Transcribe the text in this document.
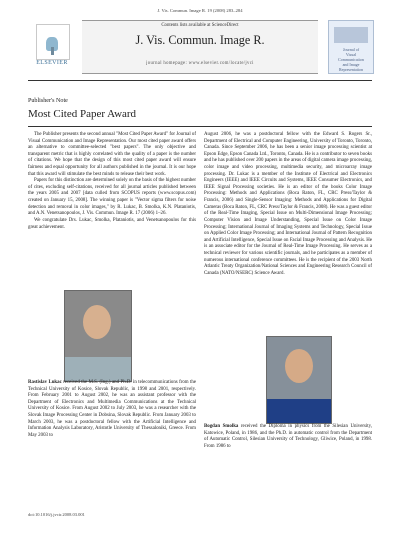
J. Vis. Commun. Image R. 19 (2008) 283–284
ELSEVIER
Contents lists available at ScienceDirect
J. Vis. Commun. Image R.
journal homepage: www.elsevier.com/locate/jvci
Journal of
Visual
Communication
and Image
Representation
Publisher's Note
Most Cited Paper Award

The Publisher presents the second annual "Most Cited Paper Award" for Journal of Visual Communication and Image Representation. Our most cited paper award offers an alternative to committee-selected "best papers". The only objective and transparent metric that is highly correlated with the quality of a paper is the number of citations. We hope that the design of this most cited paper award will ensure fairness and equal opportunity for all authors published in the journal. It is our hope that this award will stimulate the best minds to release their best work.

Papers for this distinction are determined solely on the basis of the highest number of cites, excluding self-citations, received for all journal articles published between the years 2005 and 2007 [data culled from SCOPUS reports (www.scopus.com) created on January 15, 2008]. The winning paper is "Vector sigma filters for noise detection and removal in color images," by R. Lukac, B. Smolka, K.N. Plataniotis, and A.N. Venetsanopoulos, J. Vis. Commun. Image R. 17 (2006) 1–26.

We congratulate Drs. Lukac, Smolka, Plataniotis, and Venetsanopoulos for this great achievement.

Rastislav Lukac received the M.S. (Ing.) and Ph.D. in telecommunications from the Technical University of Kosice, Slovak Republic, in 1998 and 2001, respectively. From February 2001 to August 2002, he was an assistant professor with the Department of Electronics and Multimedia Communications at the Technical University of Kosice. From August 2002 to July 2003, he was a researcher with the Slovak Image Processing Center in Dobsina, Slovak Republic. From January 2003 to March 2003, he was a postdoctoral fellow with the Artificial Intelligence and Information Analysis Laboratory, Aristotle University of Thessaloniki, Greece. From May 2003 to

August 2006, he was a postdoctoral fellow with the Edward S. Rogers Sr., Department of Electrical and Computer Engineering, University of Toronto, Toronto, Canada. Since September 2006, he has been a senior image processing scientist at Epson Edge, Epson Canada Ltd., Toronto, Canada. He is a contributor to seven books and he has published over 200 papers in the areas of digital camera image processing, color image and video processing, multimedia security, and microarray image processing. Dr. Lukac is a member of the Institute of Electrical and Electronics Engineers (IEEE) and IEEE Circuits and Systems, IEEE Consumer Electronics, and IEEE Signal Processing societies. He is an editor of the books Color Image Processing: Methods and Applications (Boca Raton, FL, CRC Press/Taylor & Francis, 2006) and Single-Sensor Imaging: Methods and Applications for Digital Cameras (Boca Raton, FL, CRC Press/Taylor & Francis, 2008). He was a guest editor of the Real-Time Imaging, Special Issue on Multi-Dimensional Image Processing; Computer Vision and Image Understanding, Special Issue on Color Image Processing; International Journal of Imaging Systems and Technology, Special Issue on Applied Color Image Processing; and International Journal of Pattern Recognition and Artificial Intelligence, Special Issue on Facial Image Processing and Analysis. He is an associate editor for the Journal of Real-Time Image Processing. He serves as a technical reviewer for various scientific journals, and he participates as a member of numerous international conference committees. He is the recipient of the 2003 North Atlantic Treaty Organization/National Sciences and Engineering Research Council of Canada (NATO/NSERC) Science Award.

Bogdan Smolka received the Diploma in physics from the Silesian University, Katowice, Poland, in 1986, and the Ph.D. in automatic control from the Department of Automatic Control, Silesian University of Technology, Gliwice, Poland, in 1998. From 1986 to

doi:10.1016/j.jvcir.2008.03.001
